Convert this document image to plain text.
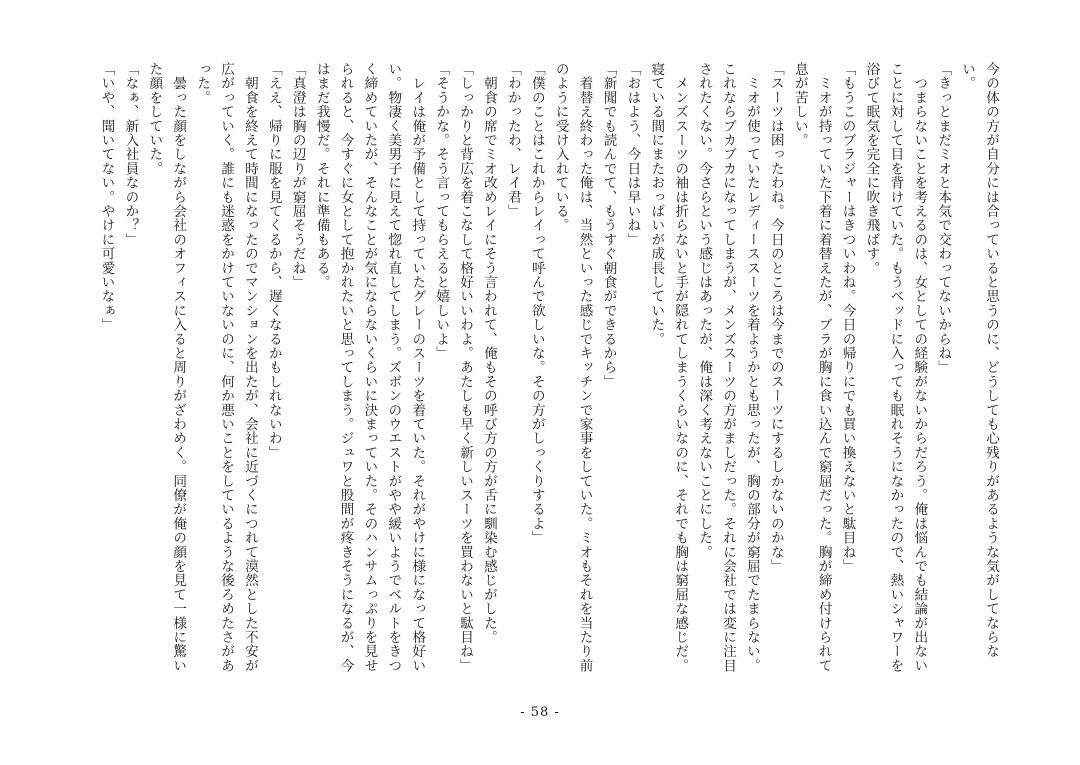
今の体の方が自分には合っていると思うのに、どうしても心残りがあるような気がしてならない。

「きっとまだミオと本気で交わってないからね」

　つまらないことを考えるのは、女としての経験がないからだろう。俺は悩んでも結論が出ないことに対して目を背けていた。もうベッドに入っても眠れそうになかったので、熱いシャワーを浴びて眠気を完全に吹き飛ばす。

「もうこのブラジャーはきついわね。今日の帰りにでも買い換えないと駄目ね」

　ミオが持っていた下着に着替えたが、ブラが胸に食い込んで窮屈だった。胸が締め付けられて息が苦しい。

「スーツは困ったわね。今日のところは今までのスーツにするしかないのかな」

　ミオが使っていたレディーススーツを着ようかとも思ったが、胸の部分が窮屈でたまらない。これならブカブカになってしまうが、メンズスーツの方がましだった。それに会社では変に注目されたくない。今さらという感じはあったが、俺は深く考えないことにした。

　メンズスーツの袖は折らないと手が隠れてしまうくらいなのに、それでも胸は窮屈な感じだ。寝ている間にまたおっぱいが成長していた。

「おはよう、今日は早いね」

「新聞でも読んでて、もうすぐ朝食ができるから」

　着替え終わった俺は、当然といった感じでキッチンで家事をしていた。ミオもそれを当たり前のように受け入れている。

「僕のことはこれからレイって呼んで欲しいな。その方がしっくりするよ」

「わかったわ、レイ君」

　朝食の席でミオ改めレイにそう言われて、俺もその呼び方の方が舌に馴染む感じがした。

「しっかりと背広を着こなして格好いいわよ。あたしも早く新しいスーツを買わないと駄目ね」

「そうかな。そう言ってもらえると嬉しいよ」

　レイは俺が予備として持っていたグレーのスーツを着ていた。それがやけに様になって格好いい。物凄く美男子に見えて惚れ直してしまう。ズボンのウエストがやや緩いようでベルトをきつく締めていたが、そんなことが気にならないくらいに決まっていた。そのハンサムっぷりを見せられると、今すぐに女として抱かれたいと思ってしまう。ジュワと股間が疼きそうになるが、今はまだ我慢だ。それに準備もある。

「真澄は胸の辺りが窮屈そうだね」

「ええ、帰りに服を見てくるから、遅くなるかもしれないわ」

　朝食を終えて時間になったのでマンションを出たが、会社に近づくにつれて漠然とした不安が広がっていく。誰にも迷惑をかけていないのに、何か悪いことをしているような後ろめたさがあった。

　曇った顔をしながら会社のオフィスに入ると周りがざわめく。同僚が俺の顔を見て一様に驚いた顔をしていた。

「なぁ、新入社員なのか？」

「いや、聞いてない。やけに可愛いなぁ」

- 58 -
